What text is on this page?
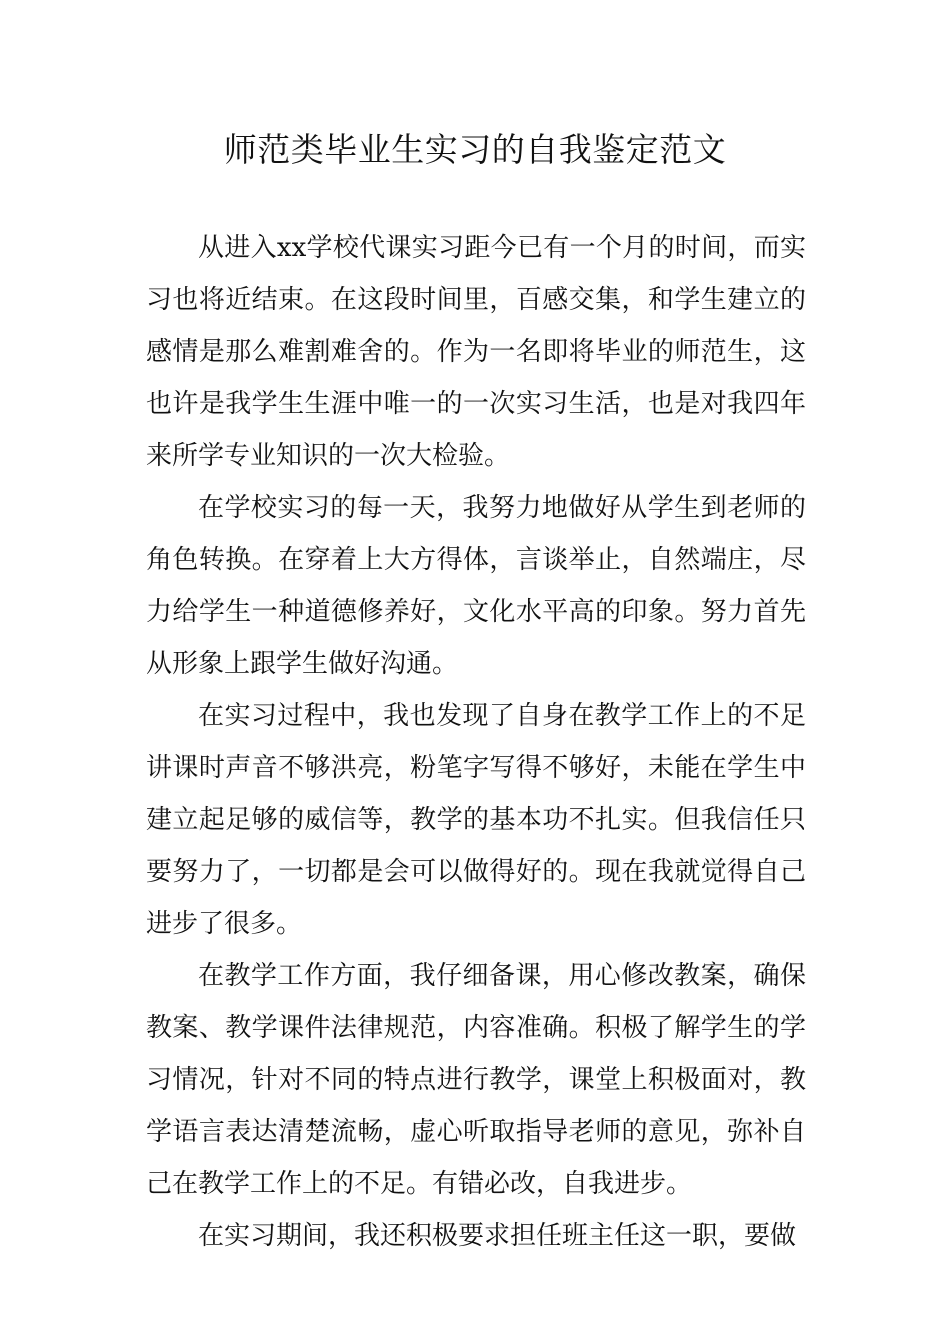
师范类毕业生实习的自我鉴定范文

从进入xx学校代课实习距今已有一个月的时间，而实习也将近结束。在这段时间里，百感交集，和学生建立的感情是那么难割难舍的。作为一名即将毕业的师范生，这也许是我学生生涯中唯一的一次实习生活，也是对我四年来所学专业知识的一次大检验。

在学校实习的每一天，我努力地做好从学生到老师的角色转换。在穿着上大方得体，言谈举止，自然端庄，尽力给学生一种道德修养好，文化水平高的印象。努力首先从形象上跟学生做好沟通。

在实习过程中，我也发现了自身在教学工作上的不足讲课时声音不够洪亮，粉笔字写得不够好，未能在学生中建立起足够的威信等，教学的基本功不扎实。但我信任只要努力了，一切都是会可以做得好的。现在我就觉得自己进步了很多。

在教学工作方面，我仔细备课，用心修改教案，确保教案、教学课件法律规范，内容准确。积极了解学生的学习情况，针对不同的特点进行教学，课堂上积极面对，教学语言表达清楚流畅，虚心听取指导老师的意见，弥补自己在教学工作上的不足。有错必改，自我进步。

在实习期间，我还积极要求担任班主任这一职，要做
